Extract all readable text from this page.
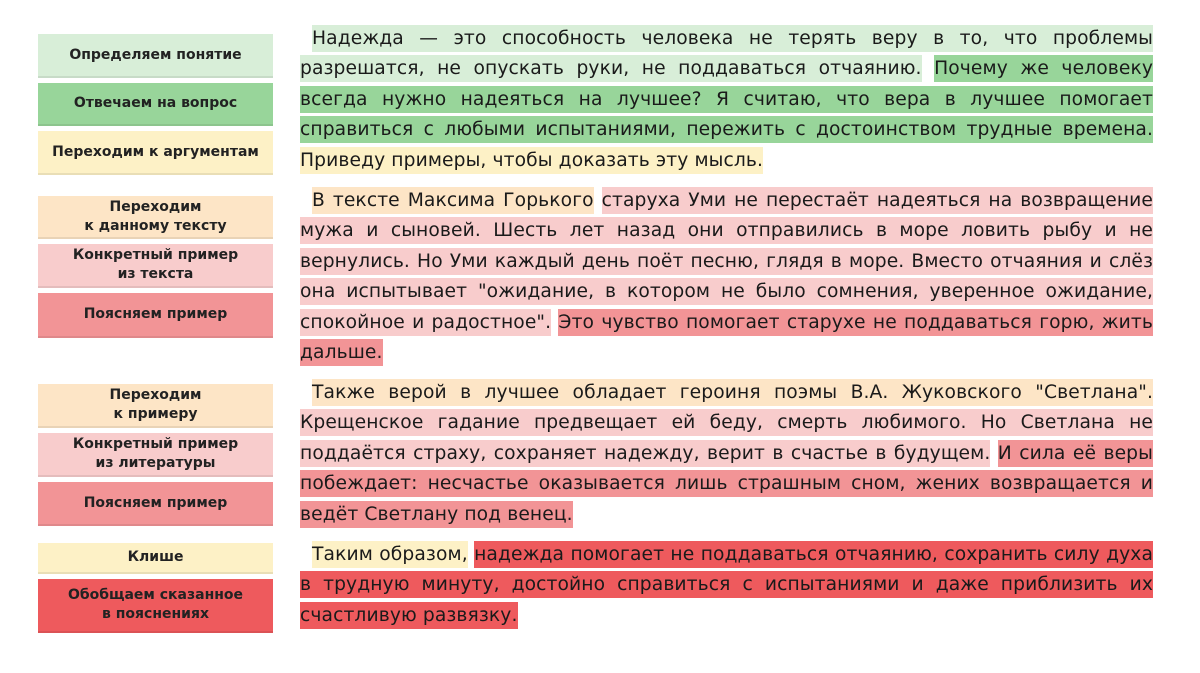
Определяем понятие
Отвечаем на вопрос
Переходим к аргументам
Переходим
к данному тексту
Конкретный пример
из текста
Поясняем пример
Переходим
к примеру
Конкретный пример
из литературы
Поясняем пример
Клише
Обобщаем сказанное
в пояснениях

Надежда — это способность человека не терять веру в то, что проблемы разрешатся, не опускать руки, не поддаваться отчаянию. Почему же человеку всегда нужно надеяться на лучшее? Я считаю, что вера в лучшее помогает справиться с любыми испытаниями, пережить с достоинством трудные времена. Приведу примеры, чтобы доказать эту мысль.

В тексте Максима Горького старуха Уми не перестаёт надеяться на возвращение мужа и сыновей. Шесть лет назад они отправились в море ловить рыбу и не вернулись. Но Уми каждый день поёт песню, глядя в море. Вместо отчаяния и слёз она испытывает "ожидание, в котором не было сомнения, уверенное ожидание, спокойное и радостное". Это чувство помогает старухе не поддаваться горю, жить дальше.

Также верой в лучшее обладает героиня поэмы В.А. Жуковского "Светлана". Крещенское гадание предвещает ей беду, смерть любимого. Но Светлана не поддаётся страху, сохраняет надежду, верит в счастье в будущем. И сила её веры побеждает: несчастье оказывается лишь страшным сном, жених возвращается и ведёт Светлану под венец.

Таким образом, надежда помогает не поддаваться отчаянию, сохранить силу духа в трудную минуту, достойно справиться с испытаниями и даже приблизить их счастливую развязку.
